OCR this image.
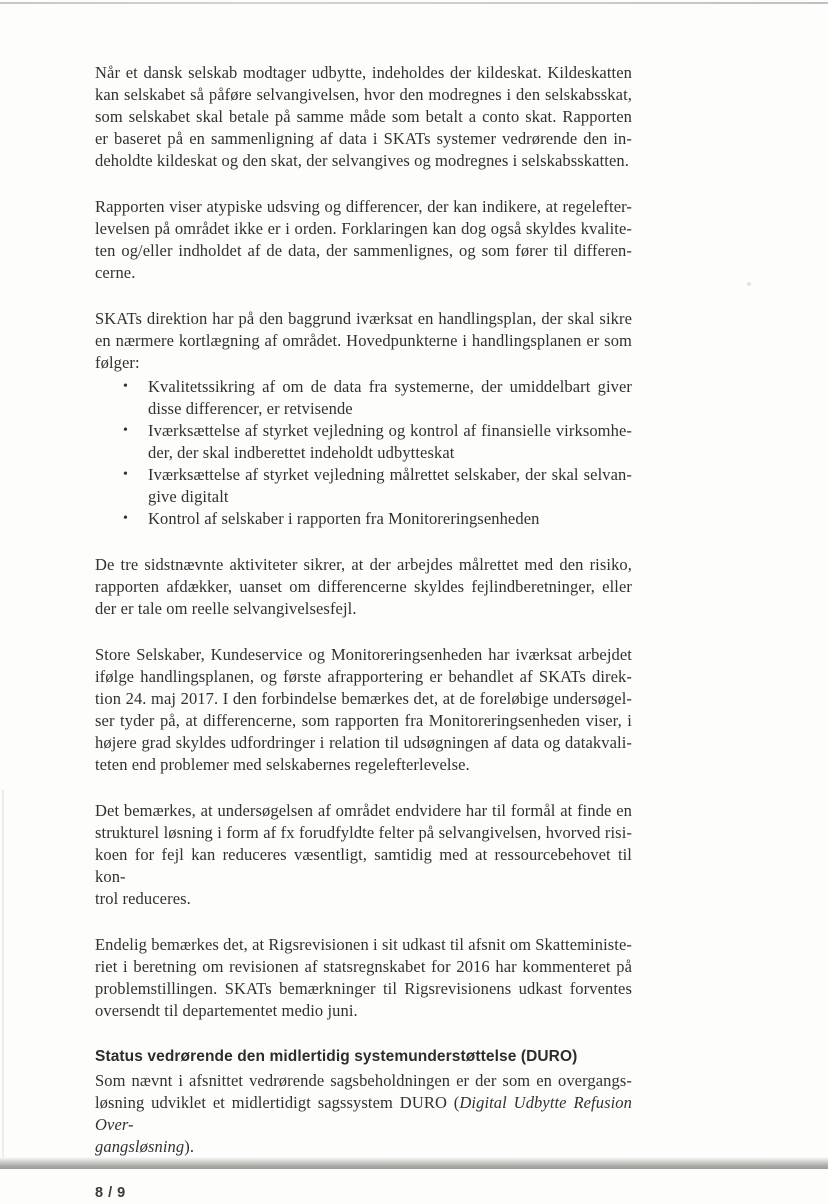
Når et dansk selskab modtager udbytte, indeholdes der kildeskat. Kildeskatten
kan selskabet så påføre selvangivelsen, hvor den modregnes i den selskabsskat,
som selskabet skal betale på samme måde som betalt a conto skat. Rapporten
er baseret på en sammenligning af data i SKATs systemer vedrørende den in-
deholdte kildeskat og den skat, der selvangives og modregnes i selskabsskatten.
Rapporten viser atypiske udsving og differencer, der kan indikere, at regelefter-
levelsen på området ikke er i orden. Forklaringen kan dog også skyldes kvalite-
ten og/eller indholdet af de data, der sammenlignes, og som fører til differen-
cerne.
SKATs direktion har på den baggrund iværksat en handlingsplan, der skal sikre
en nærmere kortlægning af området. Hovedpunkterne i handlingsplanen er som
følger:
•	Kvalitetssikring af om de data fra systemerne, der umiddelbart giver
disse differencer, er retvisende
•	Iværksættelse af styrket vejledning og kontrol af finansielle virksomhe-
der, der skal indberettet indeholdt udbytteskat
•	Iværksættelse af styrket vejledning målrettet selskaber, der skal selvan-
give digitalt
•	Kontrol af selskaber i rapporten fra Monitoreringsenheden
De tre sidstnævnte aktiviteter sikrer, at der arbejdes målrettet med den risiko,
rapporten afdækker, uanset om differencerne skyldes fejlindberetninger, eller
der er tale om reelle selvangivelsesfejl.
Store Selskaber, Kundeservice og Monitoreringsenheden har iværksat arbejdet
ifølge handlingsplanen, og første afrapportering er behandlet af SKATs direk-
tion 24. maj 2017. I den forbindelse bemærkes det, at de foreløbige undersøgel-
ser tyder på, at differencerne, som rapporten fra Monitoreringsenheden viser, i
højere grad skyldes udfordringer i relation til udsøgningen af data og datakvali-
teten end problemer med selskabernes regelefterlevelse.
Det bemærkes, at undersøgelsen af området endvidere har til formål at finde en
strukturel løsning i form af fx forudfyldte felter på selvangivelsen, hvorved risi-
koen for fejl kan reduceres væsentligt, samtidig med at ressourcebehovet til kon-
trol reduceres.
Endelig bemærkes det, at Rigsrevisionen i sit udkast til afsnit om Skatteministe-
riet i beretning om revisionen af statsregnskabet for 2016 har kommenteret på
problemstillingen. SKATs bemærkninger til Rigsrevisionens udkast forventes
oversendt til departementet medio juni.
Status vedrørende den midlertidig systemunderstøttelse (DURO)
Som nævnt i afsnittet vedrørende sagsbeholdningen er der som en overgangs-
løsning udviklet et midlertidigt sagssystem DURO (Digital Udbytte Refusion Over-
gangsløsning).
8 / 9
